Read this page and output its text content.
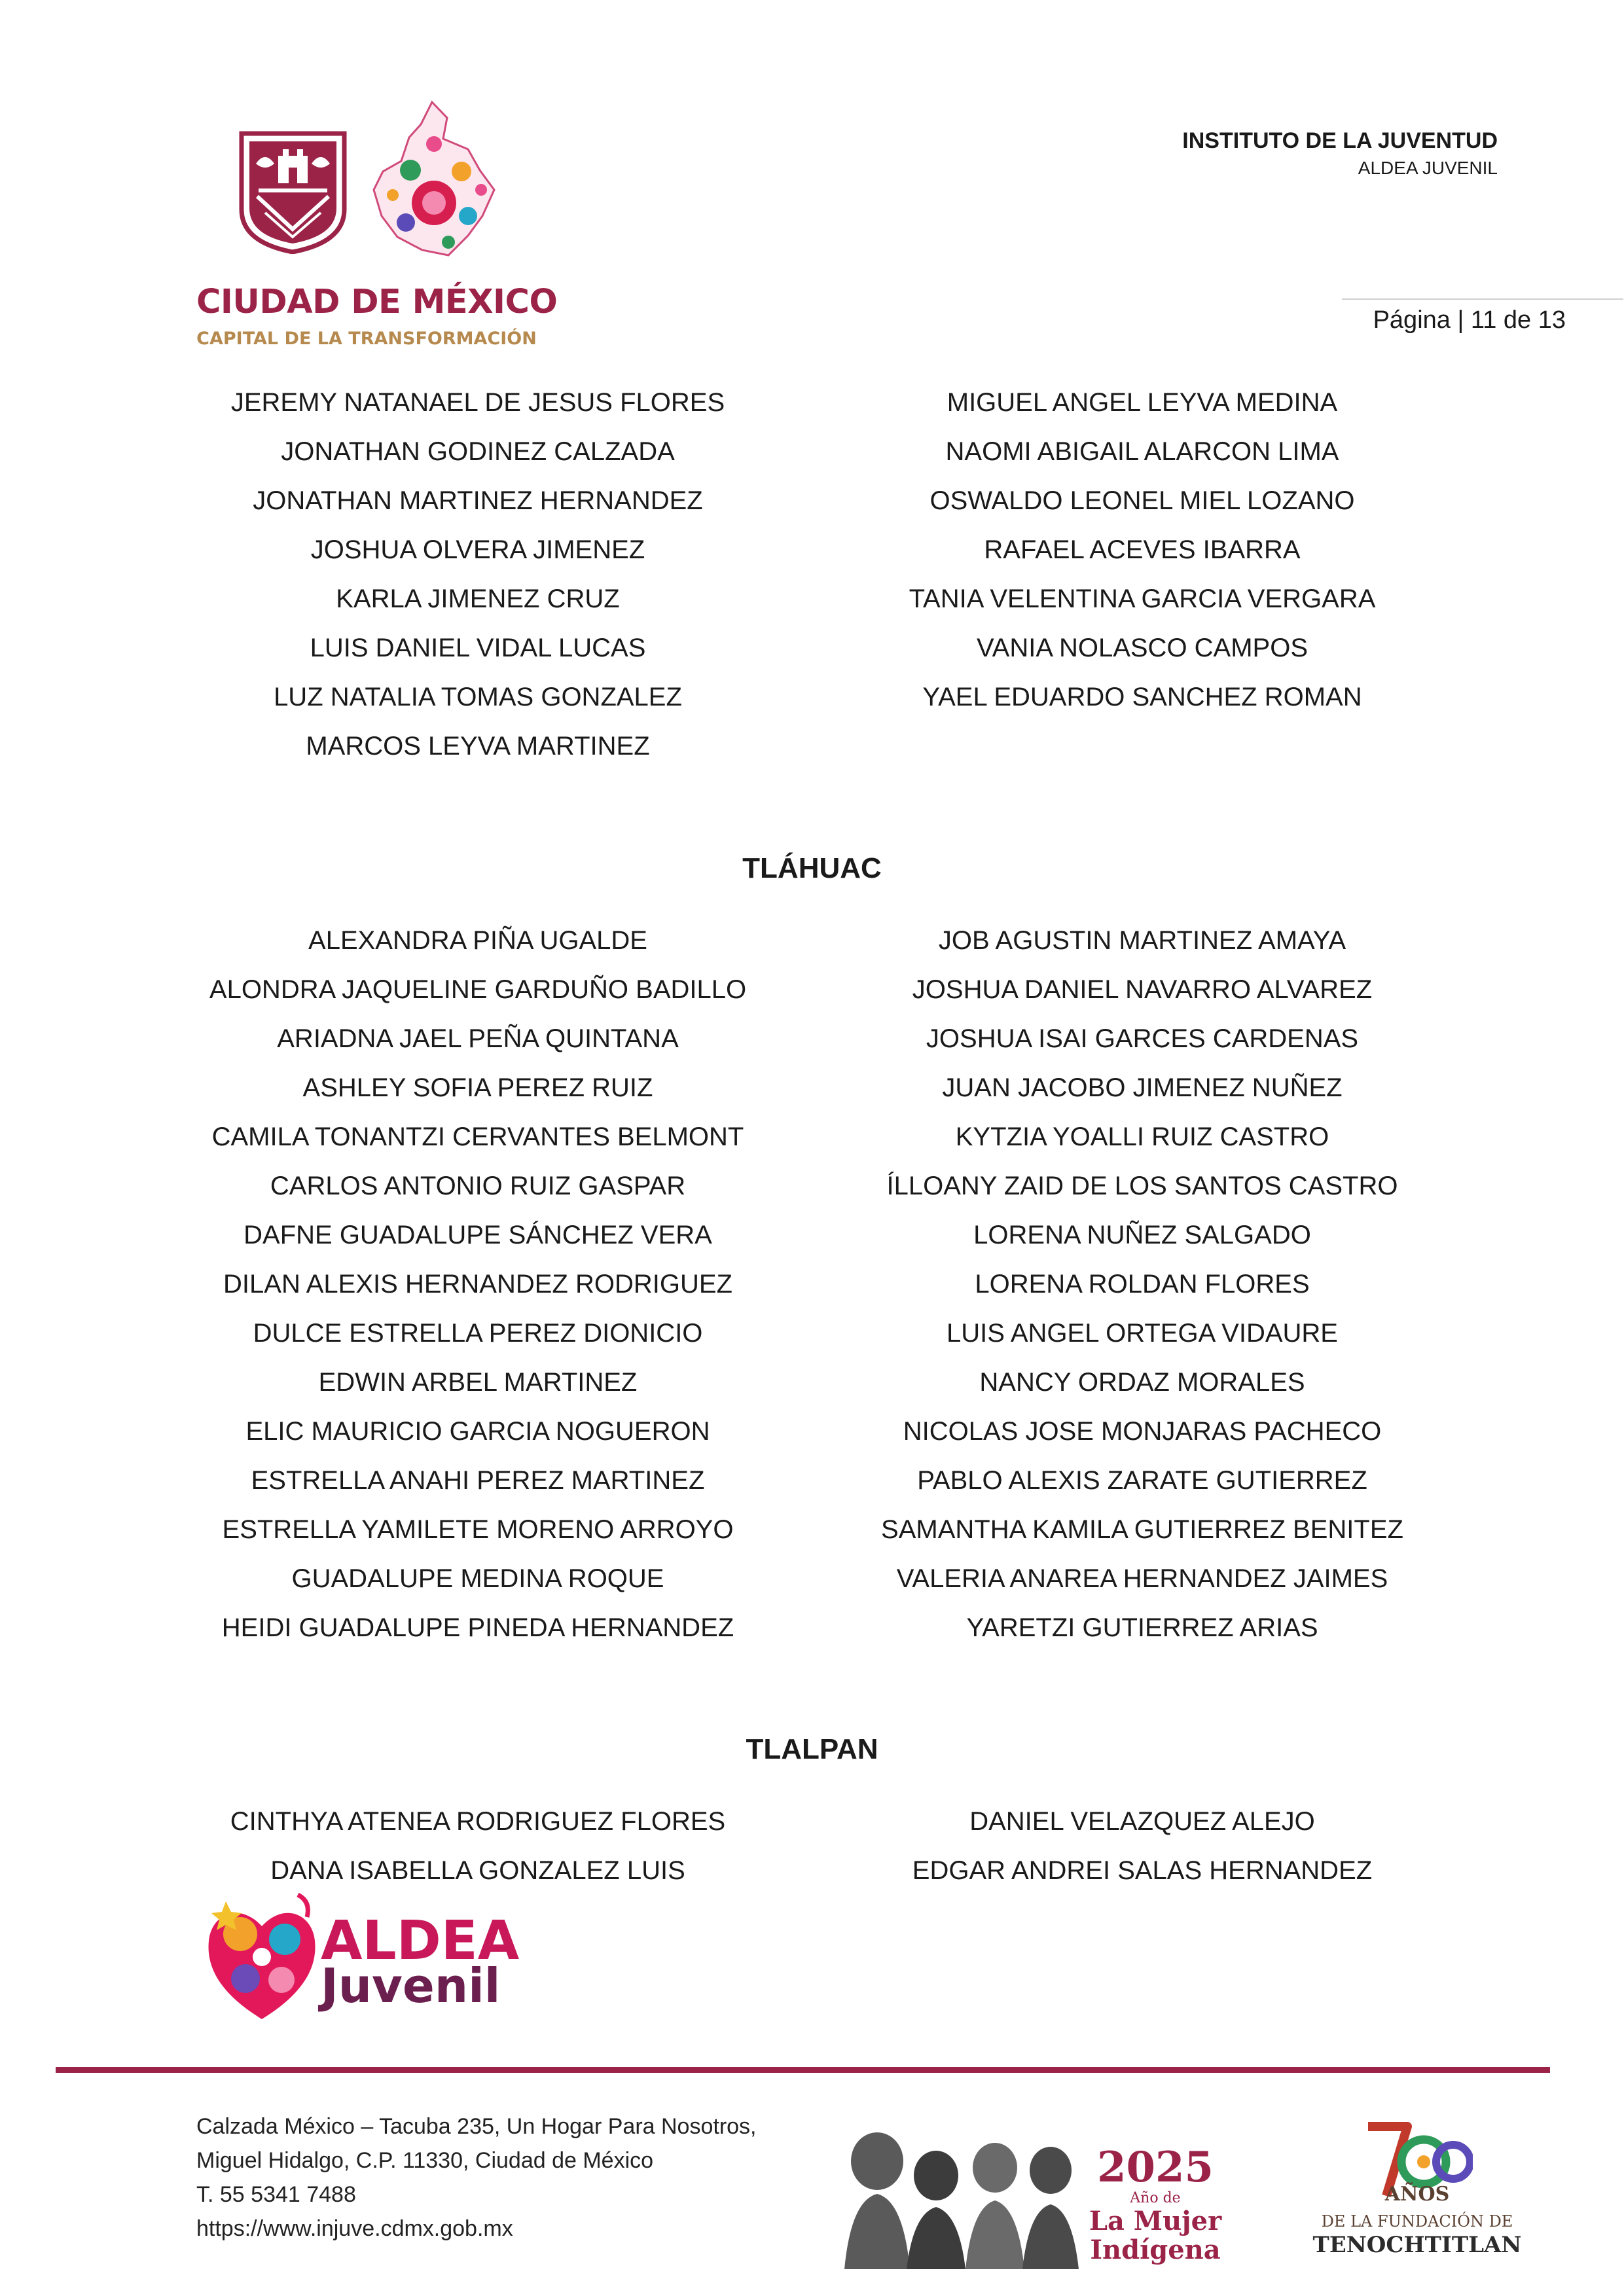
CIUDAD DE MÉXICO
CAPITAL DE LA TRANSFORMACIÓN
INSTITUTO DE LA JUVENTUD
ALDEA JUVENIL
Página | 11 de 13
JEREMY NATANAEL DE JESUS FLORES
JONATHAN GODINEZ CALZADA
JONATHAN MARTINEZ HERNANDEZ
JOSHUA OLVERA JIMENEZ
KARLA JIMENEZ CRUZ
LUIS DANIEL VIDAL LUCAS
LUZ NATALIA TOMAS GONZALEZ
MARCOS LEYVA MARTINEZ
MIGUEL ANGEL LEYVA MEDINA
NAOMI ABIGAIL ALARCON LIMA
OSWALDO LEONEL MIEL LOZANO
RAFAEL ACEVES IBARRA
TANIA VELENTINA GARCIA VERGARA
VANIA NOLASCO CAMPOS
YAEL EDUARDO SANCHEZ ROMAN
TLÁHUAC
ALEXANDRA PIÑA UGALDE
ALONDRA JAQUELINE GARDUÑO BADILLO
ARIADNA JAEL PEÑA QUINTANA
ASHLEY SOFIA PEREZ RUIZ
CAMILA TONANTZI CERVANTES BELMONT
CARLOS ANTONIO RUIZ GASPAR
DAFNE GUADALUPE SÁNCHEZ VERA
DILAN ALEXIS HERNANDEZ RODRIGUEZ
DULCE ESTRELLA PEREZ DIONICIO
EDWIN ARBEL MARTINEZ
ELIC MAURICIO GARCIA NOGUERON
ESTRELLA ANAHI PEREZ MARTINEZ
ESTRELLA YAMILETE MORENO ARROYO
GUADALUPE MEDINA ROQUE
HEIDI GUADALUPE PINEDA HERNANDEZ
JOB AGUSTIN MARTINEZ AMAYA
JOSHUA DANIEL NAVARRO ALVAREZ
JOSHUA ISAI GARCES CARDENAS
JUAN JACOBO JIMENEZ NUÑEZ
KYTZIA YOALLI RUIZ CASTRO
ÍLLOANY ZAID DE LOS SANTOS CASTRO
LORENA NUÑEZ SALGADO
LORENA ROLDAN FLORES
LUIS ANGEL ORTEGA VIDAURE
NANCY ORDAZ MORALES
NICOLAS JOSE MONJARAS PACHECO
PABLO ALEXIS ZARATE GUTIERREZ
SAMANTHA KAMILA GUTIERREZ BENITEZ
VALERIA ANAREA HERNANDEZ JAIMES
YARETZI GUTIERREZ ARIAS
TLALPAN
CINTHYA ATENEA RODRIGUEZ FLORES
DANA ISABELLA GONZALEZ LUIS
DANIEL VELAZQUEZ ALEJO
EDGAR ANDREI SALAS HERNANDEZ
ALDEA
Juvenil
Calzada México – Tacuba 235, Un Hogar Para Nosotros,
Miguel Hidalgo, C.P. 11330, Ciudad de México
T. 55 5341 7488
https://www.injuve.cdmx.gob.mx
2025
Año de
La Mujer
Indígena
AÑOS
DE LA FUNDACIÓN DE
TENOCHTITLAN
